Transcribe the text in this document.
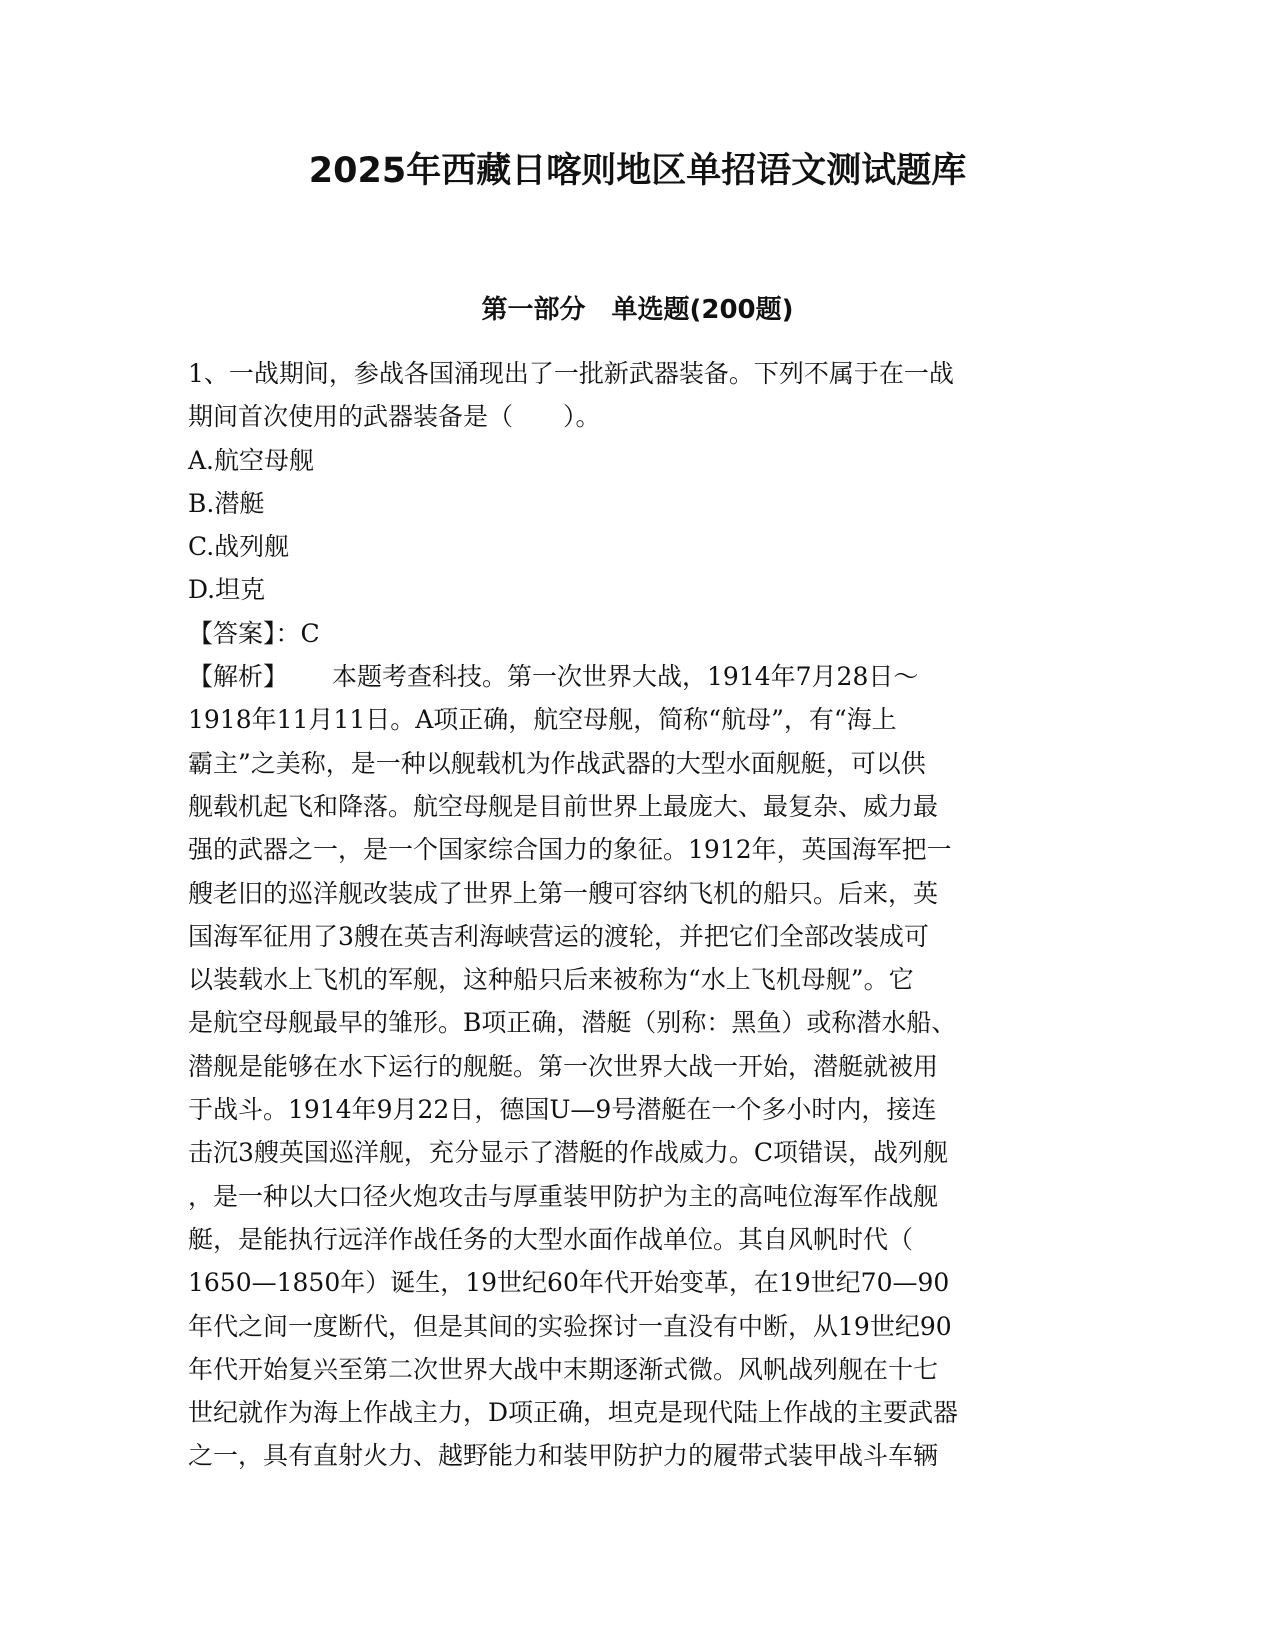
2025年西藏日喀则地区单招语文测试题库
第一部分 单选题(200题)
1、一战期间，参战各国涌现出了一批新武器装备。下列不属于在一战
期间首次使用的武器装备是（　　）。
A.航空母舰
B.潜艇
C.战列舰
D.坦克
【答案】：C
【解析】 本题考查科技。第一次世界大战，1914年7月28日～
1918年11月11日。A项正确，航空母舰，简称“航母”，有“海上
霸主”之美称，是一种以舰载机为作战武器的大型水面舰艇，可以供
舰载机起飞和降落。航空母舰是目前世界上最庞大、最复杂、威力最
强的武器之一，是一个国家综合国力的象征。1912年，英国海军把一
艘老旧的巡洋舰改装成了世界上第一艘可容纳飞机的船只。后来，英
国海军征用了3艘在英吉利海峡营运的渡轮，并把它们全部改装成可
以装载水上飞机的军舰，这种船只后来被称为“水上飞机母舰”。它
是航空母舰最早的雏形。B项正确，潜艇（别称：黑鱼）或称潜水船、
潜舰是能够在水下运行的舰艇。第一次世界大战一开始，潜艇就被用
于战斗。1914年9月22日，德国U—9号潜艇在一个多小时内，接连
击沉3艘英国巡洋舰，充分显示了潜艇的作战威力。C项错误，战列舰
，是一种以大口径火炮攻击与厚重装甲防护为主的高吨位海军作战舰
艇，是能执行远洋作战任务的大型水面作战单位。其自风帆时代（
1650—1850年）诞生，19世纪60年代开始变革，在19世纪70—90
年代之间一度断代，但是其间的实验探讨一直没有中断，从19世纪90
年代开始复兴至第二次世界大战中末期逐渐式微。风帆战列舰在十七
世纪就作为海上作战主力，D项正确，坦克是现代陆上作战的主要武器
之一，具有直射火力、越野能力和装甲防护力的履带式装甲战斗车辆
